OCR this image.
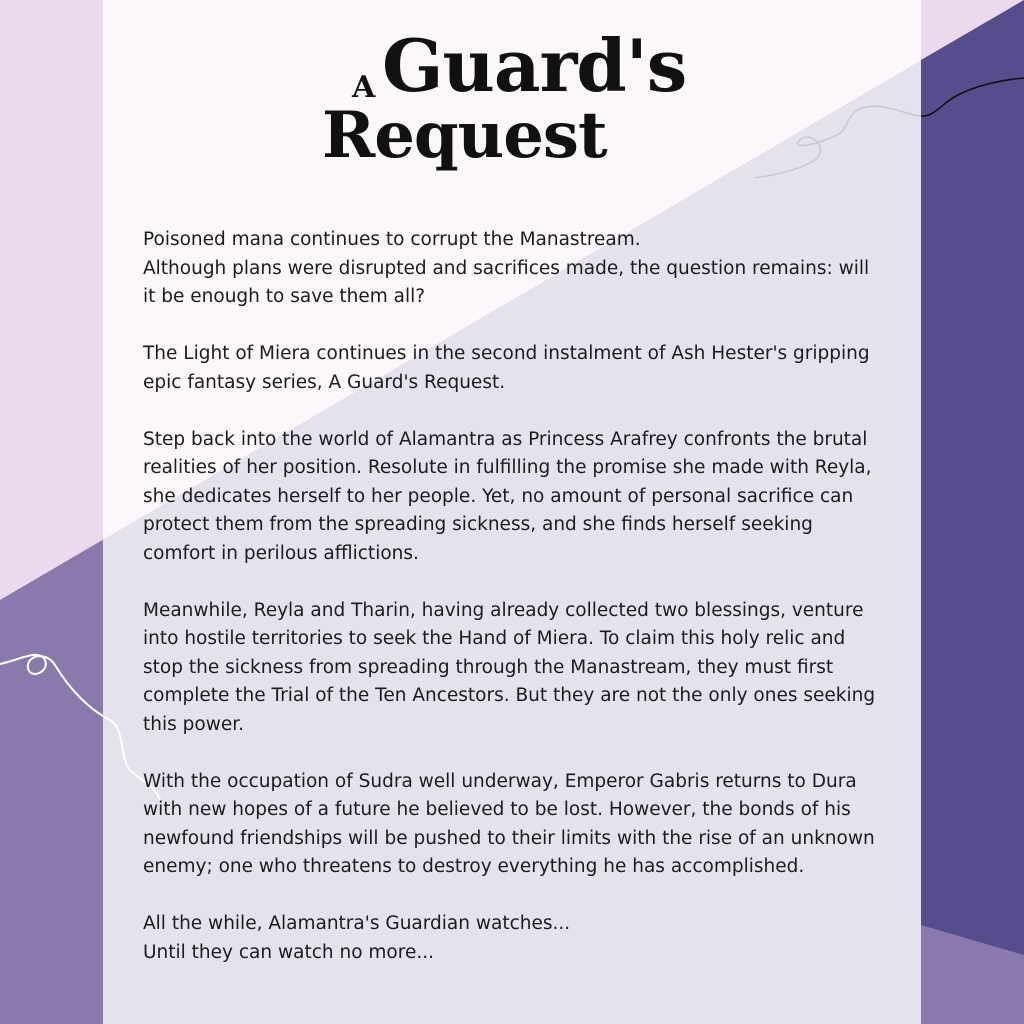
A Guard's
Request

Poisoned mana continues to corrupt the Manastream.
Although plans were disrupted and sacrifices made, the question remains: will it be enough to save them all?

The Light of Miera continues in the second instalment of Ash Hester's gripping epic fantasy series, A Guard's Request.

Step back into the world of Alamantra as Princess Arafrey confronts the brutal realities of her position. Resolute in fulfilling the promise she made with Reyla, she dedicates herself to her people. Yet, no amount of personal sacrifice can protect them from the spreading sickness, and she finds herself seeking comfort in perilous afflictions.

Meanwhile, Reyla and Tharin, having already collected two blessings, venture into hostile territories to seek the Hand of Miera. To claim this holy relic and stop the sickness from spreading through the Manastream, they must first complete the Trial of the Ten Ancestors. But they are not the only ones seeking this power.

With the occupation of Sudra well underway, Emperor Gabris returns to Dura with new hopes of a future he believed to be lost. However, the bonds of his newfound friendships will be pushed to their limits with the rise of an unknown enemy; one who threatens to destroy everything he has accomplished.

All the while, Alamantra's Guardian watches...
Until they can watch no more...
